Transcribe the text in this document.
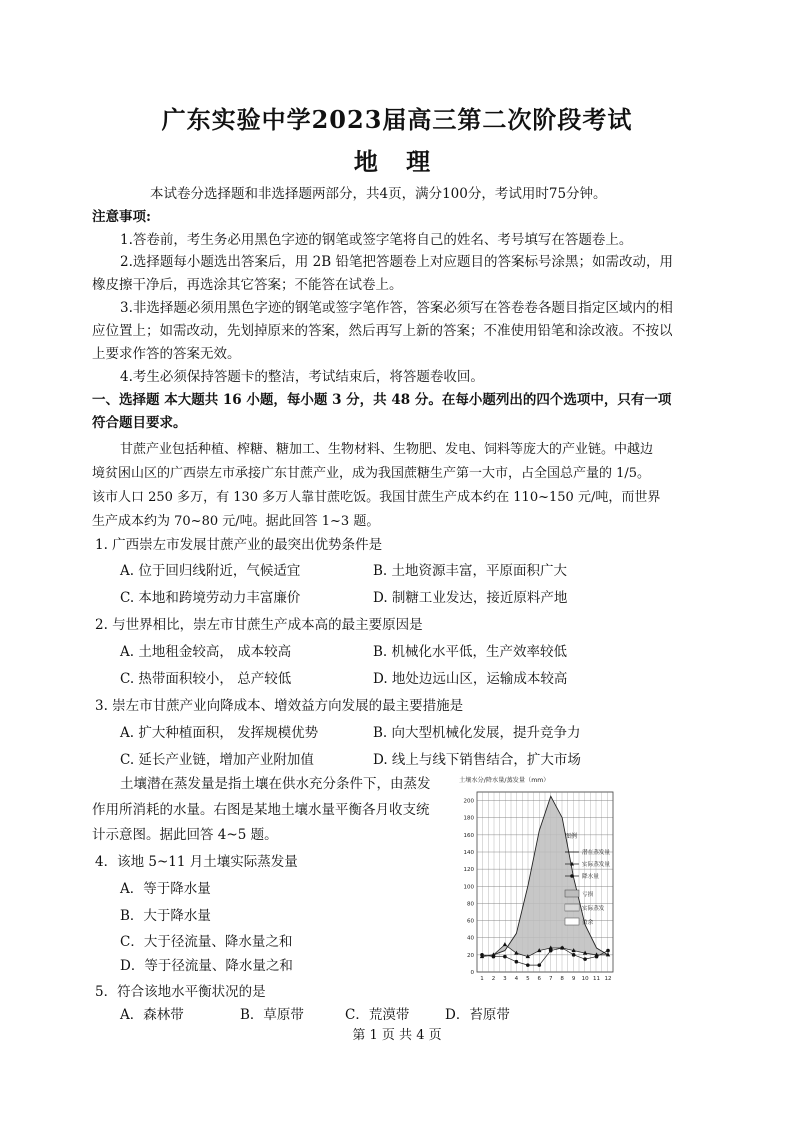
广东实验中学2023届高三第二次阶段考试
地 理
本试卷分选择题和非选择题两部分，共4页，满分100分，考试用时75分钟。
注意事项:
1.答卷前，考生务必用黑色字迹的钢笔或签字笔将自己的姓名、考号填写在答题卷上。
2.选择题每小题选出答案后，用 2B 铅笔把答题卷上对应题目的答案标号涂黑；如需改动，用
橡皮擦干净后，再选涂其它答案；不能答在试卷上。
3.非选择题必须用黑色字迹的钢笔或签字笔作答，答案必须写在答卷卷各题目指定区域内的相
应位置上；如需改动，先划掉原来的答案，然后再写上新的答案；不准使用铅笔和涂改液。不按以
上要求作答的答案无效。
4.考生必须保持答题卡的整洁，考试结束后，将答题卷收回。
一、选择题 本大题共 16 小题，每小题 3 分，共 48 分。在每小题列出的四个选项中，只有一项
符合题目要求。
甘蔗产业包括种植、榨糖、糖加工、生物材料、生物肥、发电、饲料等庞大的产业链。中越边
境贫困山区的广西崇左市承接广东甘蔗产业，成为我国蔗糖生产第一大市，占全国总产量的 1/5。
该市人口 250 多万，有 130 多万人靠甘蔗吃饭。我国甘蔗生产成本约在 110~150 元/吨，而世界
生产成本约为 70~80 元/吨。据此回答 1~3 题。
1. 广西崇左市发展甘蔗产业的最突出优势条件是
A. 位于回归线附近，气候适宜	B. 土地资源丰富，平原面积广大
C. 本地和跨境劳动力丰富廉价	D. 制糖工业发达，接近原料产地
2. 与世界相比，崇左市甘蔗生产成本高的最主要原因是
A. 土地租金较高， 成本较高	B. 机械化水平低，生产效率较低
C. 热带面积较小， 总产较低	D. 地处边远山区，运输成本较高
3. 崇左市甘蔗产业向降成本、增效益方向发展的最主要措施是
A. 扩大种植面积， 发挥规模优势	B. 向大型机械化发展，提升竞争力
C. 延长产业链，增加产业附加值	D. 线上与线下销售结合，扩大市场
土壤潜在蒸发量是指土壤在供水充分条件下，由蒸发
作用所消耗的水量。右图是某地土壤水量平衡各月收支统
计示意图。据此回答 4~5 题。
4．该地 5~11 月土壤实际蒸发量
A．等于降水量
B．大于降水量
C．大于径流量、降水量之和
D．等于径流量、降水量之和
5．符合该地水平衡状况的是
A．森林带	B．草原带	C．荒漠带	D．苔原带
第 1 页 共 4 页
土壤水分/降水量/蒸发量（mm）
0
20
40
60
80
100
120
140
160
180
200
1 2 3 4 5 6 7 8 9 10 11 12
图例
潜在蒸发量
实际蒸发量
降水量
亏损
实际蒸发
盈余
